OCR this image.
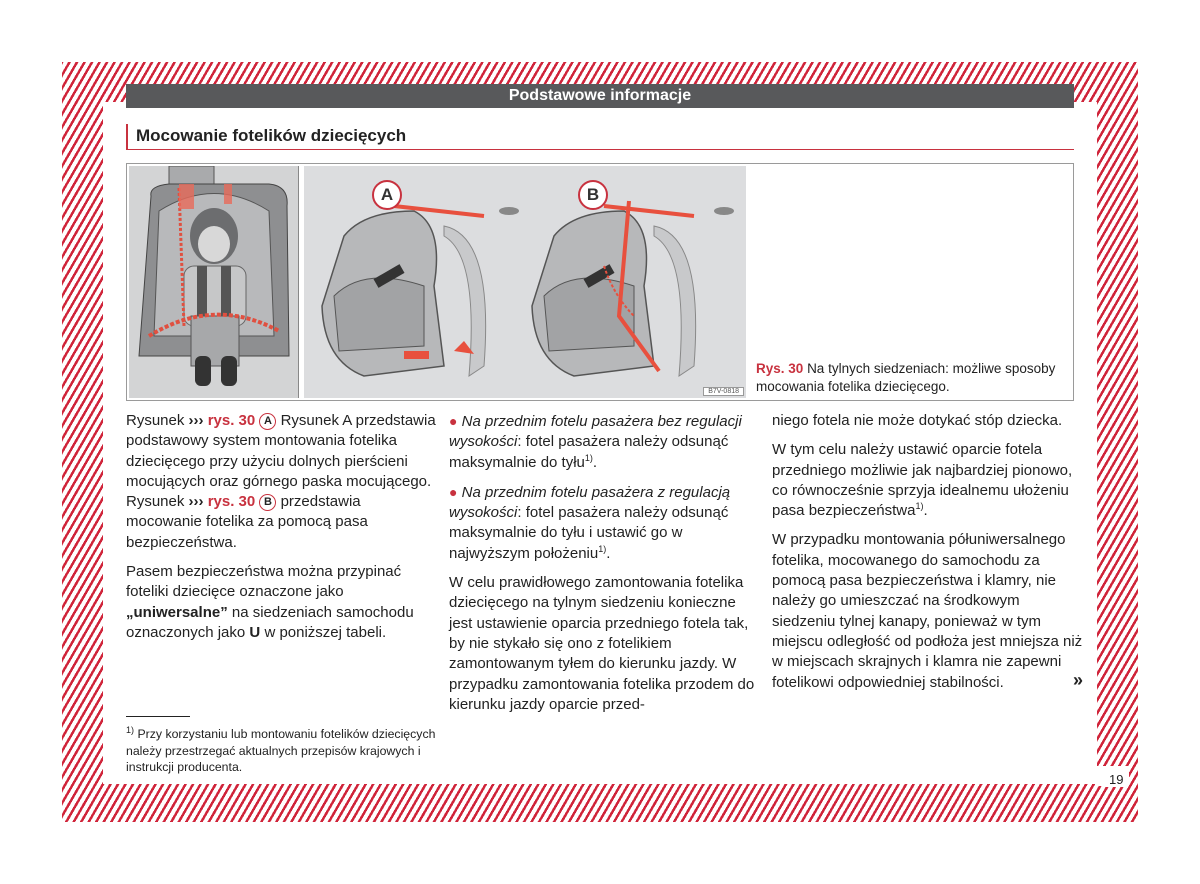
Podstawowe informacje
Mocowanie fotelików dziecięcych
A	B
B7V-0818
Rys. 30 Na tylnych siedzeniach: możliwe sposoby mocowania fotelika dziecięcego.

Rysunek ››› rys. 30 A Rysunek A przedstawia podstawowy system montowania fotelika dziecięcego przy użyciu dolnych pierścieni mocujących oraz górnego paska mocującego. Rysunek ››› rys. 30 B przedstawia mocowanie fotelika za pomocą pasa bezpieczeństwa.

Pasem bezpieczeństwa można przypinać foteliki dziecięce oznaczone jako „uniwersalne” na siedzeniach samochodu oznaczonych jako U w poniższej tabeli.

● Na przednim fotelu pasażera bez regulacji wysokości: fotel pasażera należy odsunąć maksymalnie do tyłu$^{1)}$.

● Na przednim fotelu pasażera z regulacją wysokości: fotel pasażera należy odsunąć maksymalnie do tyłu i ustawić go w najwyższym położeniu$^{1)}$.

W celu prawidłowego zamontowania fotelika dziecięcego na tylnym siedzeniu konieczne jest ustawienie oparcia przedniego fotela tak, by nie stykało się ono z fotelikiem zamontowanym tyłem do kierunku jazdy. W przypadku zamontowania fotelika przodem do kierunku jazdy oparcie przed-

niego fotela nie może dotykać stóp dziecka.

W tym celu należy ustawić oparcie fotela przedniego możliwie jak najbardziej pionowo, co równocześnie sprzyja idealnemu ułożeniu pasa bezpieczeństwa$^{1)}$.

W przypadku montowania półuniwersalnego fotelika, mocowanego do samochodu za pomocą pasa bezpieczeństwa i klamry, nie należy go umieszczać na środkowym siedzeniu tylnej kanapy, ponieważ w tym miejscu odległość od podłoża jest mniejsza niż w miejscach skrajnych i klamra nie zapewni fotelikowi odpowiedniej stabilności.	»
$^{1)}$ Przy korzystaniu lub montowaniu fotelików dziecięcych należy przestrzegać aktualnych przepisów krajowych i instrukcji producenta.
19
